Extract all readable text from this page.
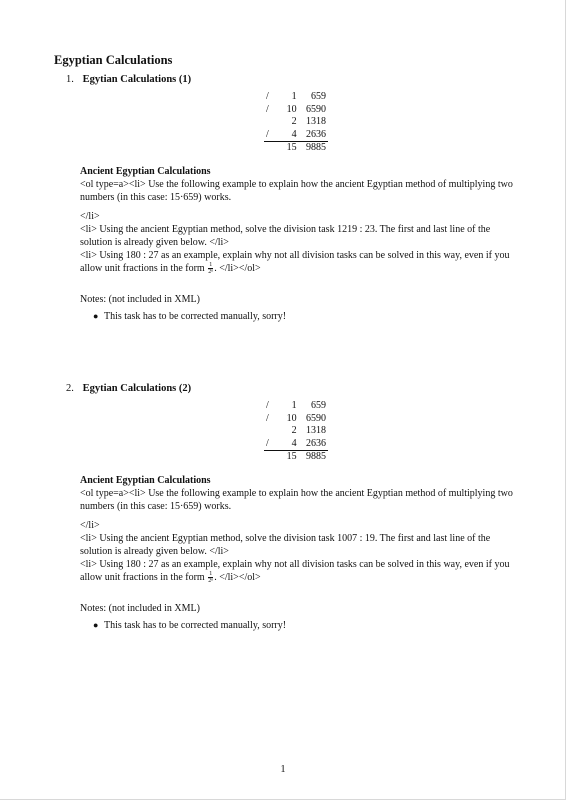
Egyptian Calculations
1. Egytian Calculations (1)
/	1	659
/	10	6590
	2	1318
/	4	2636
	15	9885

Ancient Egyptian Calculations

<ol type=a><li> Use the following example to explain how the ancient Egyptian method of multiplying two numbers (in this case: 15·659) works.

</li>

<li> Using the ancient Egyptian method, solve the division task 1219 : 23. The first and last line of the solution is already given below. </li>

<li> Using 180 : 27 as an example, explain why not all division tasks can be solved in this way, even if you allow unit fractions in the form $\frac{1}{\text{2ⁿ}}$ . </li></ol>

Notes: (not included in XML)

● This task has to be corrected manually, sorry!
2. Egytian Calculations (2)
/	1	659
/	10	6590
	2	1318
/	4	2636
	15	9885

Ancient Egyptian Calculations

<ol type=a><li> Use the following example to explain how the ancient Egyptian method of multiplying two numbers (in this case: 15·659) works.

</li>

<li> Using the ancient Egyptian method, solve the division task 1007 : 19. The first and last line of the solution is already given below. </li>

<li> Using 180 : 27 as an example, explain why not all division tasks can be solved in this way, even if you allow unit fractions in the form $\frac{1}{\text{2ⁿ}}$ . </li></ol>

Notes: (not included in XML)

● This task has to be corrected manually, sorry!
1
